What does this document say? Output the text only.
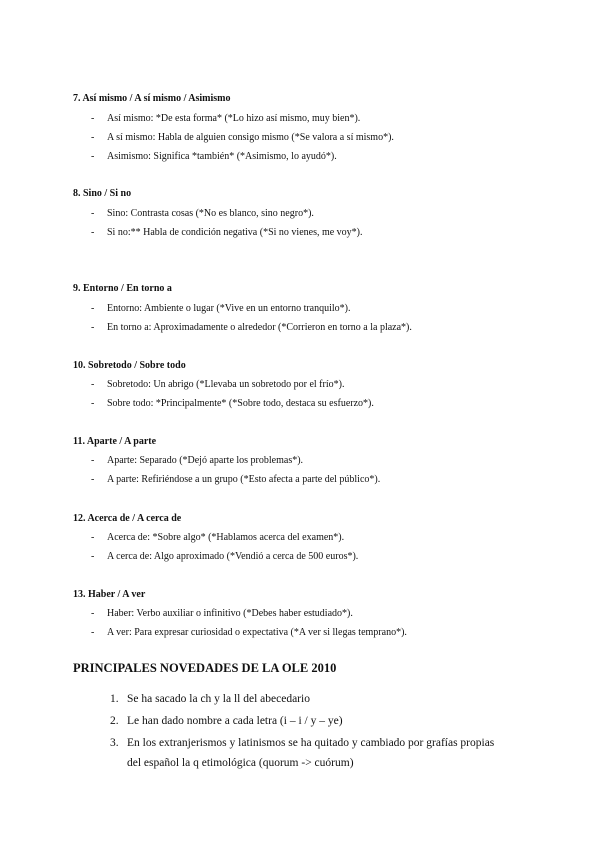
7. Así mismo / A sí mismo / Asimismo
- Así mismo: *De esta forma* (*Lo hizo así mismo, muy bien*).
- A sí mismo: Habla de alguien consigo mismo (*Se valora a sí mismo*).
- Asimismo: Significa *también* (*Asimismo, lo ayudó*).
8. Sino / Si no
- Sino: Contrasta cosas (*No es blanco, sino negro*).
- Si no:** Habla de condición negativa (*Si no vienes, me voy*).
9. Entorno / En torno a
- Entorno: Ambiente o lugar (*Vive en un entorno tranquilo*).
- En torno a: Aproximadamente o alrededor (*Corrieron en torno a la plaza*).
10. Sobretodo / Sobre todo
- Sobretodo: Un abrigo (*Llevaba un sobretodo por el frío*).
- Sobre todo: *Principalmente* (*Sobre todo, destaca su esfuerzo*).
11. Aparte / A parte
- Aparte: Separado (*Dejó aparte los problemas*).
- A parte: Refiriéndose a un grupo (*Esto afecta a parte del público*).
12. Acerca de / A cerca de
- Acerca de: *Sobre algo* (*Hablamos acerca del examen*).
- A cerca de: Algo aproximado (*Vendió a cerca de 500 euros*).
13. Haber / A ver
- Haber: Verbo auxiliar o infinitivo (*Debes haber estudiado*).
- A ver: Para expresar curiosidad o expectativa (*A ver si llegas temprano*).
PRINCIPALES NOVEDADES DE LA OLE 2010
1. Se ha sacado la ch y la ll del abecedario
2. Le han dado nombre a cada letra (i – i / y – ye)
3. En los extranjerismos y latinismos se ha quitado y cambiado por grafías propias
del español la q etimológica (quorum -> cuórum)
